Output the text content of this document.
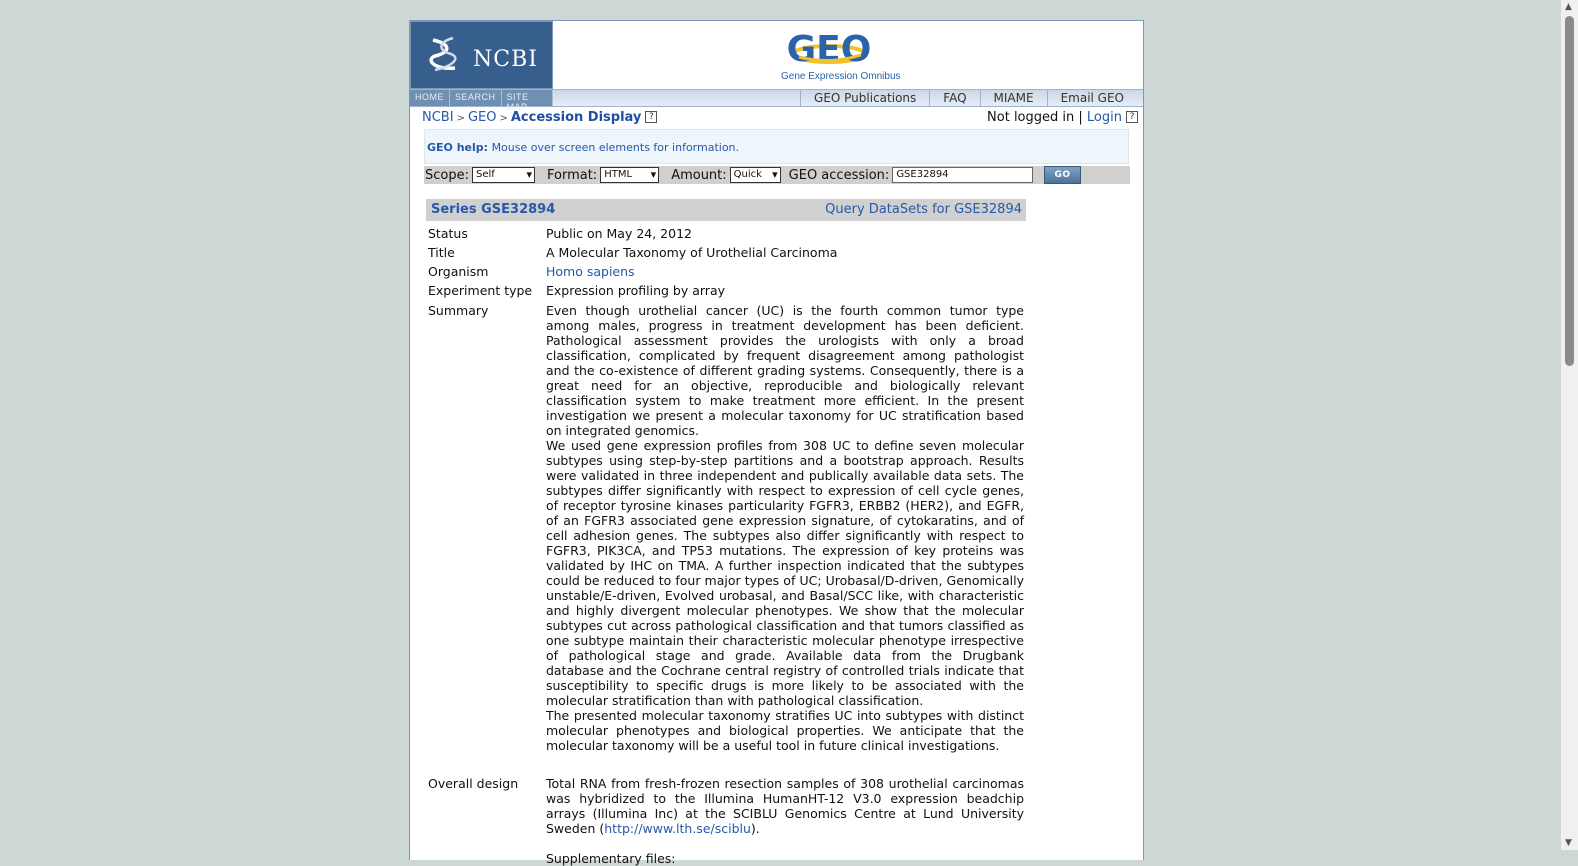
NCBI	GEO
Gene Expression Omnibus
HOME	SEARCH	SITE MAP
GEO Publications	FAQ	MIAME	Email GEO
NCBI > GEO > Accession Display ?	Not logged in | Login ?
GEO help: Mouse over screen elements for information.
Scope: Self ▾	Format: HTML ▾	Amount: Quick ▾	GEO accession: GSE32894	GO
Series GSE32894	Query DataSets for GSE32894
Status	Public on May 24, 2012
Title	A Molecular Taxonomy of Urothelial Carcinoma
Organism	Homo sapiens
Experiment type	Expression profiling by array
Summary	Even though urothelial cancer (UC) is the fourth common tumor type among males, progress in treatment development has been deficient. Pathological assessment provides the urologists with only a broad classification, complicated by frequent disagreement among pathologist and the co-existence of different grading systems. Consequently, there is a great need for an objective, reproducible and biologically relevant classification system to make treatment more efficient. In the present investigation we present a molecular taxonomy for UC stratification based on integrated genomics.
We used gene expression profiles from 308 UC to define seven molecular subtypes using step-by-step partitions and a bootstrap approach. Results were validated in three independent and publically available data sets. The subtypes differ significantly with respect to expression of cell cycle genes, of receptor tyrosine kinases particularity FGFR3, ERBB2 (HER2), and EGFR, of an FGFR3 associated gene expression signature, of cytokaratins, and of cell adhesion genes. The subtypes also differ significantly with respect to FGFR3, PIK3CA, and TP53 mutations. The expression of key proteins was validated by IHC on TMA. A further inspection indicated that the subtypes could be reduced to four major types of UC; Urobasal/D-driven, Genomically unstable/E-driven, Evolved urobasal, and Basal/SCC like, with characteristic and highly divergent molecular phenotypes. We show that the molecular subtypes cut across pathological classification and that tumors classified as one subtype maintain their characteristic molecular phenotype irrespective of pathological stage and grade. Available data from the Drugbank database and the Cochrane central registry of controlled trials indicate that susceptibility to specific drugs is more likely to be associated with the molecular stratification than with pathological classification.
The presented molecular taxonomy stratifies UC into subtypes with distinct molecular phenotypes and biological properties. We anticipate that the molecular taxonomy will be a useful tool in future clinical investigations.
Overall design	Total RNA from fresh-frozen resection samples of 308 urothelial carcinomas was hybridized to the Illumina HumanHT-12 V3.0 expression beadchip arrays (Illumina Inc) at the SCIBLU Genomics Centre at Lund University Sweden (http://www.lth.se/sciblu).
Supplementary files:
▲
▼
